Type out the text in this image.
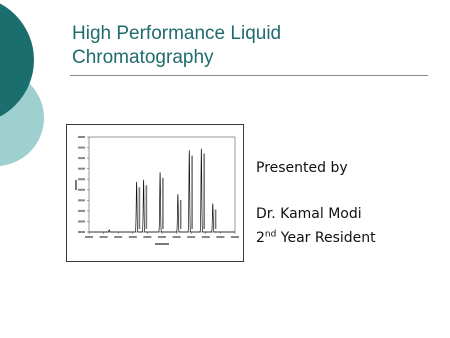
High Performance Liquid
Chromatography
Presented by
Dr. Kamal Modi
2nd Year Resident
